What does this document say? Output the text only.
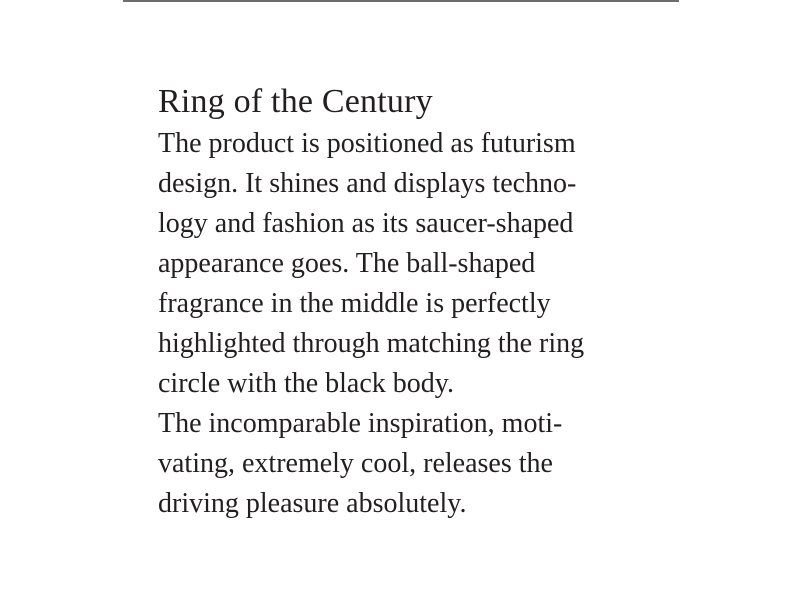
Ring of the Century

The product is positioned as futurism

design. It shines and displays techno-

logy and fashion as its saucer-shaped

appearance goes. The ball-shaped

fragrance in the middle is perfectly

highlighted through matching the ring

circle with the black body.

The incomparable inspiration, moti-

vating, extremely cool, releases the

driving pleasure absolutely.
